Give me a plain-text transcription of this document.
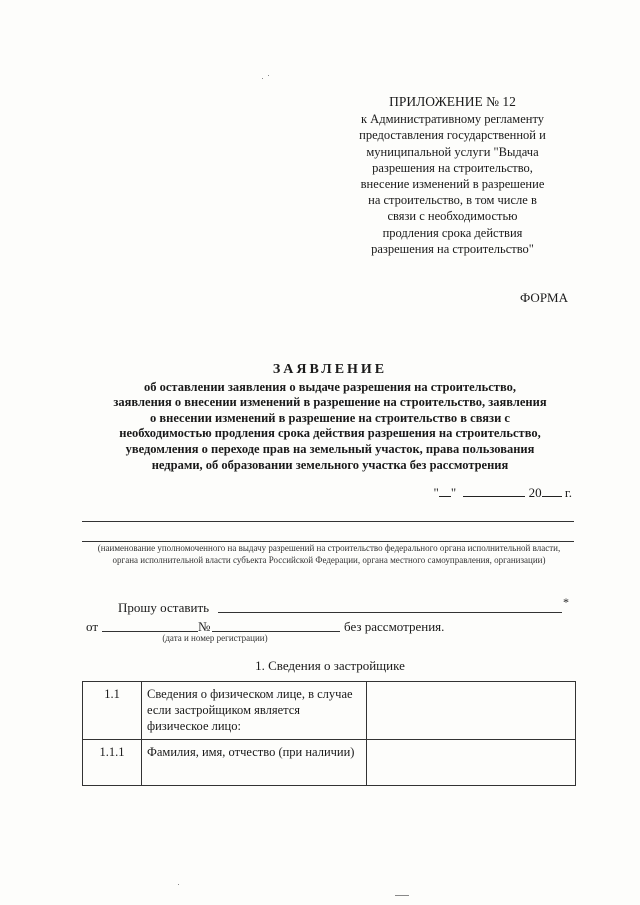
ПРИЛОЖЕНИЕ № 12
к Административному регламенту
предоставления государственной и
муниципальной услуги "Выдача
разрешения на строительство,
внесение изменений в разрешение
на строительство, в том числе в
связи с необходимостью
продления срока действия
разрешения на строительство"
ФОРМА
ЗАЯВЛЕНИЕ
об оставлении заявления о выдаче разрешения на строительство,
заявления о внесении изменений в разрешение на строительство, заявления
о внесении изменений в разрешение на строительство в связи с
необходимостью продления срока действия разрешения на строительство,
уведомления о переходе прав на земельный участок, права пользования
недрами, об образовании земельного участка без рассмотрения
" "	20 г.
(наименование уполномоченного на выдачу разрешений на строительство федерального органа исполнительной власти, органа исполнительной власти субъекта Российской Федерации, органа местного самоуправления, организации)
Прошу оставить	*
от	№	без рассмотрения.
(дата и номер регистрации)
1. Сведения о застройщике
1.1	Сведения о физическом лице, в случае если застройщиком является физическое лицо:	
1.1.1	Фамилия, имя, отчество (при наличии)	
